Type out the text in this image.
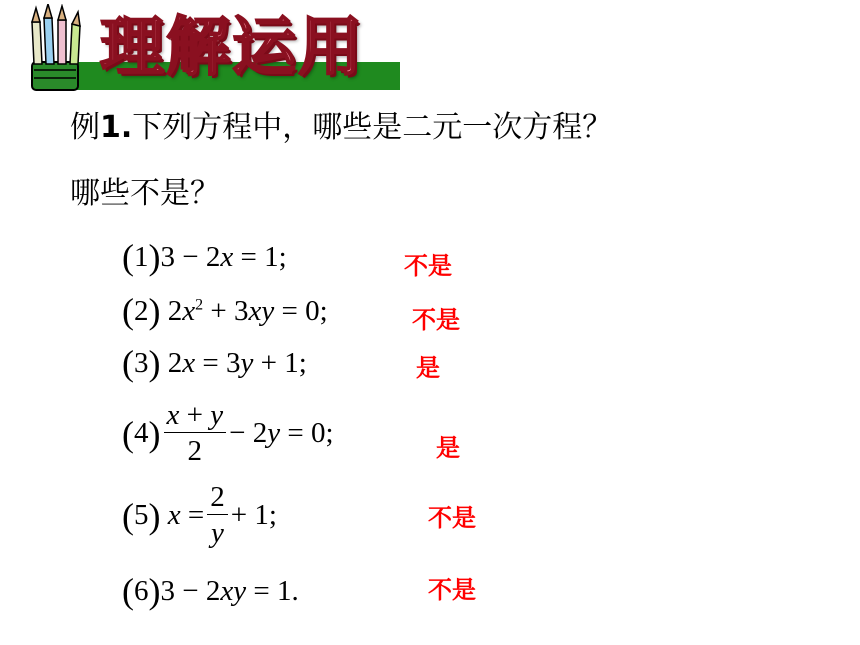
理解运用
例1.下列方程中，哪些是二元一次方程？
哪些不是？
( 1 ) 3 − 2x = 1;	不是
( 2 ) $2x^2 + 3xy = 0$;	不是
( 3 ) 2x = 3y + 1;	是
( 4 ) $\frac{x + y}{2} - 2y = 0$;	是
( 5 ) $x = \frac{2}{y} + 1$;	不是
( 6 ) 3 − 2xy = 1.	不是
